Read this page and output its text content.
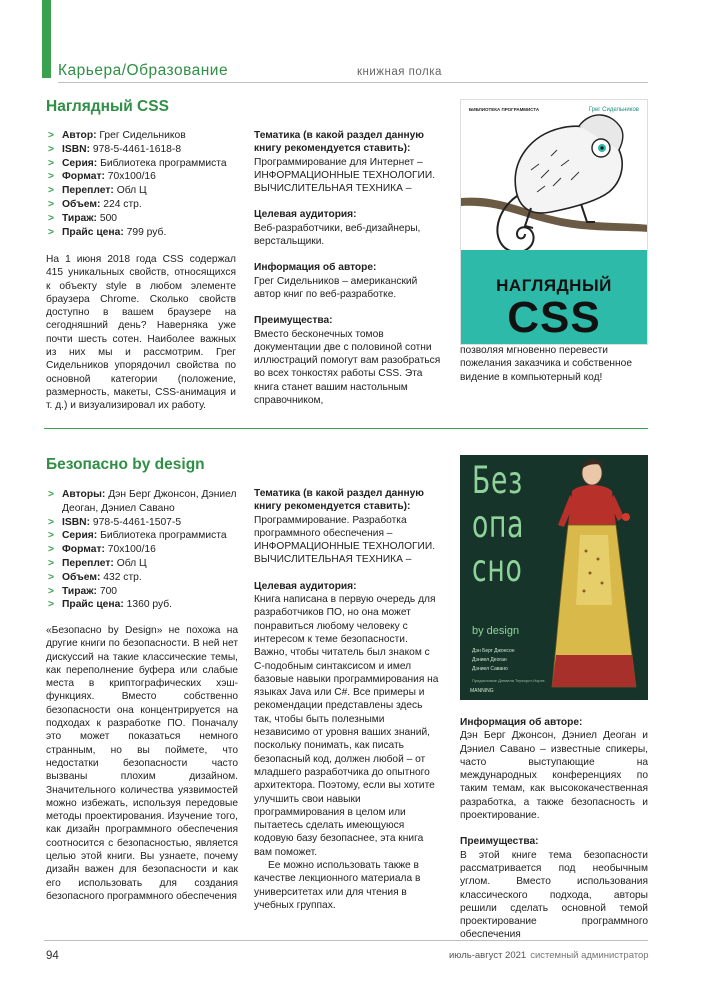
Карьера/Образование	книжная полка
Наглядный CSS
> Автор: Грег Сидельников
> ISBN: 978-5-4461-1618-8
> Серия: Библиотека программиста
> Формат: 70х100/16
> Переплет: Обл Ц
> Объем: 224 стр.
> Тираж: 500
> Прайс цена: 799 руб.
На 1 июня 2018 года CSS содержал 415 уникальных свойств, относящихся к объекту style в любом элементе браузера Chrome. Сколько свойств доступно в вашем браузере на сегодняшний день? Наверняка уже почти шесть сотен. Наиболее важных из них мы и рассмотрим. Грег Сидельников упорядочил свойства по основной категории (положение, размерность, макеты, CSS-анимация и т. д.) и визуализировал их работу.
Тематика (в какой раздел данную книгу рекомендуется ставить):
Программирование для Интернет – ИНФОРМАЦИОННЫЕ ТЕХНОЛОГИИ. ВЫЧИСЛИТЕЛЬНАЯ ТЕХНИКА –
Целевая аудитория:
Веб-разработчики, веб-дизайнеры, верстальщики.
Информация об авторе:
Грег Сидельников – американский автор книг по веб-разработке.
Преимущества:
Вместо бесконечных томов документации две с половиной сотни иллюстраций помогут вам разобраться во всех тонкостях работы CSS. Эта книга станет вашим настольным справочником,
БИБЛИОТЕКА ПРОГРАММИСТА	Грег Сидельников
НАГЛЯДНЫЙ
CSS
позволяя мгновенно перевести пожелания заказчика и собственное видение в компьютерный код!
Безопасно by design
> Авторы: Дэн Берг Джонсон, Дэниел Деоган, Дэниел Савано
> ISBN: 978-5-4461-1507-5
> Серия: Библиотека программиста
> Формат: 70х100/16
> Переплет: Обл Ц
> Объем: 432 стр.
> Тираж: 700
> Прайс цена: 1360 руб.
«Безопасно by Design» не похожа на другие книги по безопасности. В ней нет дискуссий на такие классические темы, как переполнение буфера или слабые места в криптографических хэш-функциях. Вместо собственно безопасности она концентрируется на подходах к разработке ПО. Поначалу это может показаться немного странным, но вы поймете, что недостатки безопасности часто вызваны плохим дизайном. Значительного количества уязвимостей можно избежать, используя передовые методы проектирования. Изучение того, как дизайн программного обеспечения соотносится с безопасностью, является целью этой книги. Вы узнаете, почему дизайн важен для безопасности и как его использовать для создания безопасного программного обеспечения
Тематика (в какой раздел данную книгу рекомендуется ставить):
Программирование. Разработка программного обеспечения – ИНФОРМАЦИОННЫЕ ТЕХНОЛОГИИ. ВЫЧИСЛИТЕЛЬНАЯ ТЕХНИКА –
Целевая аудитория:
Книга написана в первую очередь для разработчиков ПО, но она может понравиться любому человеку с интересом к теме безопасности. Важно, чтобы читатель был знаком с С-подобным синтаксисом и имел базовые навыки программирования на языках Java или C#. Все примеры и рекомендации представлены здесь так, чтобы быть полезными независимо от уровня ваших знаний, поскольку понимать, как писать безопасный код, должен любой – от младшего разработчика до опытного архитектора. Поэтому, если вы хотите улучшить свои навыки программирования в целом или пытаетесь сделать имеющуюся кодовую базу безопаснее, эта книга вам поможет.
Ее можно использовать также в качестве лекционного материала в университетах или для чтения в учебных группах.
Без
опа
сно
by design
Дэн Берг Джонсон
Дэниел Деоган
Дэниел Савано
Предисловие Дэниела Терхорст-Норта
MANNING
Информация об авторе:
Дэн Берг Джонсон, Дэниел Деоган и Дэниел Савано – известные спикеры, часто выступающие на международных конференциях по таким темам, как высококачественная разработка, а также безопасность и проектирование.
Преимущества:
В этой книге тема безопасности рассматривается под необычным углом. Вместо использования классического подхода, авторы решили сделать основной темой проектирование программного обеспечения
94	июль-август 2021 системный администратор
